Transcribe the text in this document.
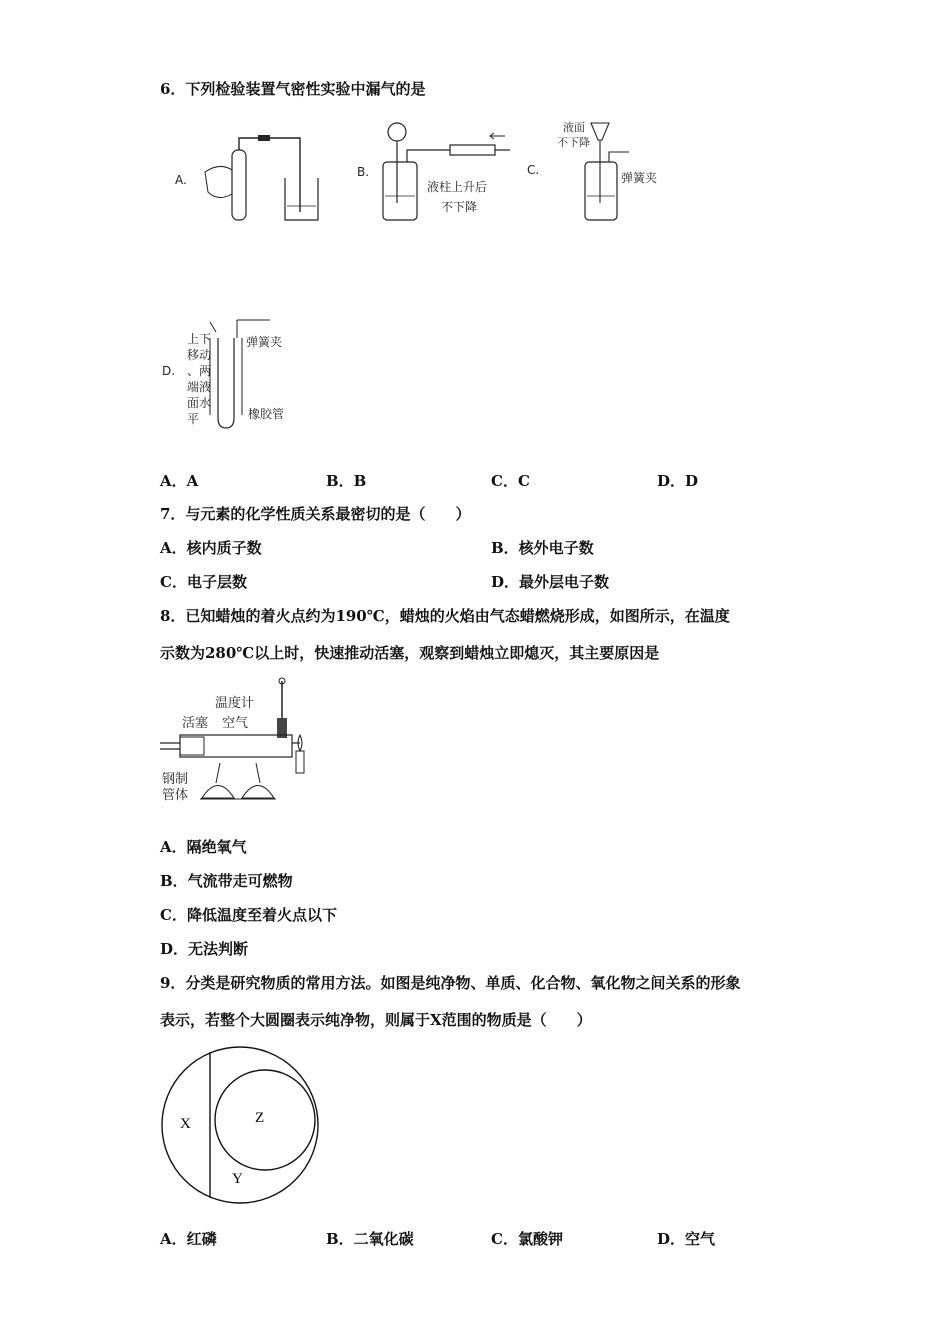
6．下列检验装置气密性实验中漏气的是
A.
B.
液柱上升后
不下降
C.
液面
不下降
弹簧夹
D.
上下
移动
、两
端液
面水
平
弹簧夹
橡胶管
A．A	B．B	C．C	D．D
7．与元素的化学性质关系最密切的是（　　）
A．核内质子数	B．核外电子数
C．电子层数	D．最外层电子数
8．已知蜡烛的着火点约为190℃，蜡烛的火焰由气态蜡燃烧形成，如图所示，在温度
示数为280℃以上时，快速推动活塞，观察到蜡烛立即熄灭，其主要原因是
温度计
活塞 空气
钢制
管体
A．隔绝氧气
B．气流带走可燃物
C．降低温度至着火点以下
D．无法判断
9．分类是研究物质的常用方法。如图是纯净物、单质、化合物、氧化物之间关系的形象
表示，若整个大圆圈表示纯净物，则属于X范围的物质是（　　）
X	Z
Y
A．红磷	B．二氧化碳	C．氯酸钾	D．空气
